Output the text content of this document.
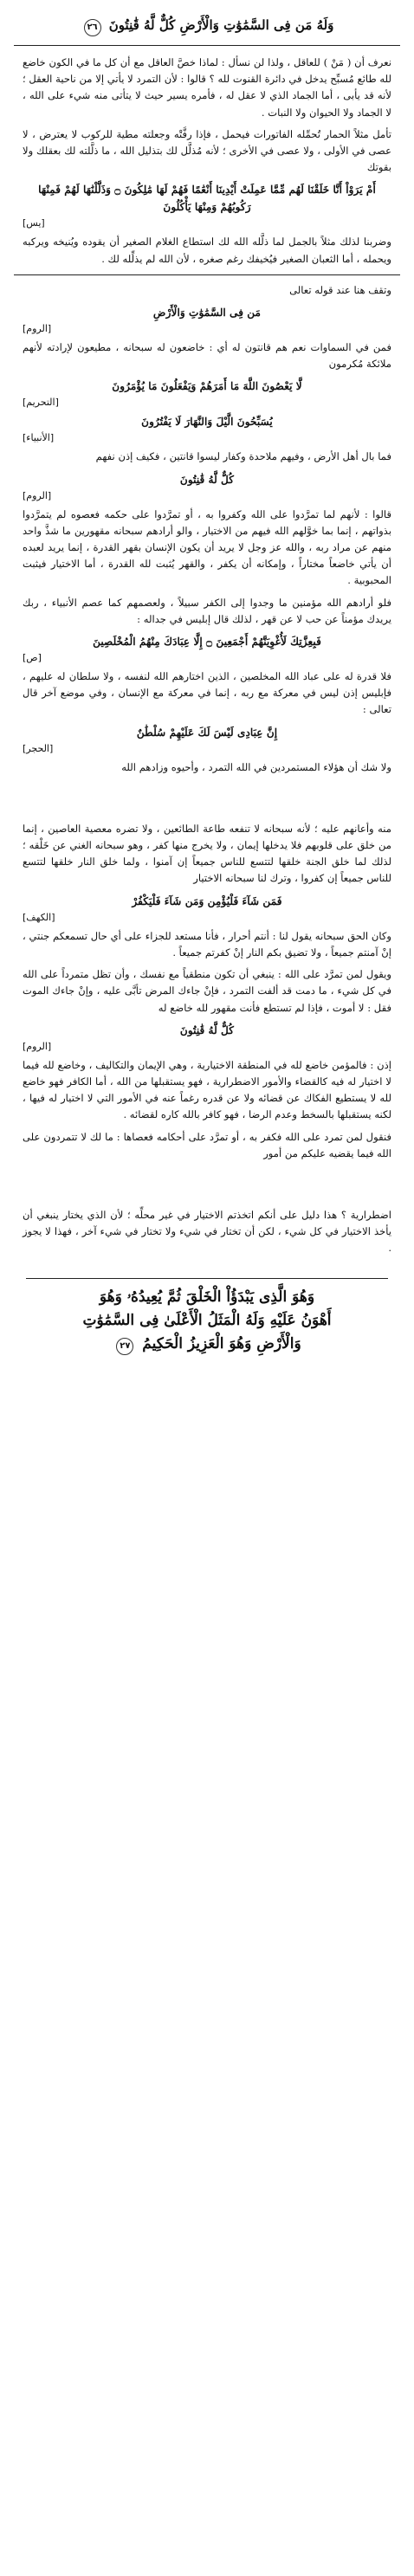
وَلَهُ مَن فِى السَّمَٰوَٰتِ وَالْأَرْضِ كُلٌّ لَّهُ قَٰنِتُونَ ٢٦

نعرف أن ( مَنْ ) للعاقل ، ولذا لن نسأل : لماذا خصَّ العاقل مع أن كل ما في الكون خاضع لله طائع مُسبِّح يدخل في دائرة القنوت لله ؟ قالوا : لأن التمرد لا يأتي إلا من ناحية العقل ؛ لأنه قد يأبى ، أما الجماد الذي لا عقل له ، فأمره يسير حيث لا يتأتى منه شيء على الله ، لا الجماد ولا الحيوان ولا النبات .

تأمل مثلاً الحمار تُحمِّله الفاتورات فيحمل ، فإذا رفَّتْه وجعلته مطية للركوب لا يعترض ، لا عصى في الأولى ، ولا عصى في الأخرى ؛ لأنه مُذلَّل لك بتذليل الله ، ما ذلَّلته لك بعقلك ولا بقوتك

أَمْ يَرَوْاْ أَنَّا خَلَقْنَا لَهُم مِّمَّا عَمِلَتْ أَيْدِينَا أَنْعَٰمًا فَهُمْ لَهَا مَٰلِكُونَ ۝ وَذَلَّلْنَٰهَا لَهُمْ فَمِنْهَا رَكُوبُهُمْ وَمِنْهَا يَأْكُلُونَ
[يس]

وضربنا لذلك مثلاً بالجمل لما ذلَّله الله لك استطاع الغلام الصغير أن يقوده ويُنيخه ويركبه ويحمله ، أما الثعبان الصغير فيُخيفك رغم صغره ، لأن الله لم يذلِّله لك .

وتقف هنا عند قوله تعالى

مَن فِى السَّمَٰوَٰتِ وَالْأَرْضِ
[الروم]

فمن في السماوات نعم هم قانتون له أي : خاضعون له سبحانه ، مطيعون لإرادته لأنهم ملائكة مُكرمون

لَّا يَعْصُونَ اللَّهَ مَا أَمَرَهُمْ وَيَفْعَلُونَ مَا يُؤْمَرُونَ
[التحريم]
يُسَبِّحُونَ الَّيْلَ وَالنَّهَارَ لَا يَفْتُرُونَ
[الأنبياء]

فما بال أهل الأرض ، وفيهم ملاحدة وكفار ليسوا قانتين ، فكيف إذن نفهم

كُلٌّ لَّهُ قَٰنِتُونَ
[الروم]

قالوا : لأنهم لما تمرَّدوا على الله وكفروا به ، أو تمرَّدوا على حكمه فعصوه لم يتمرَّدوا بذواتهم ، إنما بما خوَّلهم الله فيهم من الاختيار ، والو أرادهم سبحانه مقهورين ما شذَّ واحد منهم عن مراد ربه ، والله عز وجل لا يريد أن يكون الإنسان بقهر القدرة ، إنما يريد لعبده أن يأتي خاضعاً مختاراً ، وإمكانه أن يكفر ، والقهر يُثبت لله القدرة ، أما الاختيار فيثبت المحبوبية .

فلو أرادهم الله مؤمنين ما وجدوا إلى الكفر سبيلاً ، ولعصمهم كما عصم الأنبياء ، ربك يريدك مؤمناً عن حب لا عن قهر ، لذلك قال إبليس في جداله :

فَبِعِزَّتِكَ لَأُغْوِيَنَّهُمْ أَجْمَعِينَ ۝ إِلَّا عِبَادَكَ مِنْهُمُ الْمُخْلَصِينَ
[ص]

فلا قدرة له على عباد الله المخلصين ، الذين اختارهم الله لنفسه ، ولا سلطان له عليهم ، فإبليس إذن ليس في معركة مع ربه ، إنما في معركة مع الإنسان ، وفي موضع آخر قال تعالى :

إِنَّ عِبَادِى لَيْسَ لَكَ عَلَيْهِمْ سُلْطَٰنٌ
[الحجر]

ولا شك أن هؤلاء المستمردين في الله التمرد ، وأحيوه وزادهم الله

منه وأعانهم عليه ؛ لأنه سبحانه لا تنفعه طاعة الطائعين ، ولا تضره معصية العاصين ، إنما من خلق على قلوبهم فلا يدخلها إيمان ، ولا يخرج منها كفر ، وهو سبحانه الغني عن خَلْقه ؛ لذلك لما خلق الجنة خلقها لتتسع للناس جميعاً إن آمنوا ، ولما خلق النار خلقها لتتسع للناس جميعاً إن كفروا ، وترك لنا سبحانه الاختيار

فَمَن شَآءَ فَلْيُؤْمِن وَمَن شَآءَ فَلْيَكْفُرْ
[الكهف]

وكان الحق سبحانه يقول لنا : أنتم أحرار ، فأنا مستعد للجزاء على أي حال تسمعكم جنتي ، إنْ آمنتم جميعاً ، ولا تضيق بكم النار إنْ كفرتم جميعاً .

ويقول لمن تمرَّد على الله : ينبغي أن تكون منطقياً مع نفسك ، وأن تظل متمرداً على الله في كل شيء ، ما دمت قد ألفت التمرد ، فإنْ جاءك المرض تأبَّى عليه ، وإنْ جاءك الموت فقل : لا أموت ، فإذا لم تستطع فأنت مقهور لله خاضع له

كُلٌّ لَّهُ قَٰنِتُونَ
[الروم]

إذن : فالمؤمن خاضع لله في المنطقة الاختيارية ، وهي الإيمان والتكاليف ، وخاضع لله فيما لا اختيار له فيه كالقضاء والأمور الاضطرارية ، فهو يستقبلها من الله ، أما الكافر فهو خاضع لله لا يستطيع الفكاك عن قضائه ولا عن قدره رغماً عنه في الأمور التي لا اختيار له فيها ، لكنه يستقبلها بالسخط وعدم الرضا ، فهو كافر بالله كاره لقضائه .

فنقول لمن تمرد على الله فكفر به ، أو تمرَّد على أحكامه فعصاها : ما لك لا تتمردون على الله فيما يقضيه عليكم من أمور

اضطرارية ؟ هذا دليل على أنكم اتخذتم الاختيار في غير محلِّه ؛ لأن الذي يختار ينبغي أن يأخذ الاختيار في كل شيء ، لكن أن تختار في شيء ولا تختار في شيء آخر ، فهذا لا يجوز .

وَهُوَ الَّذِى يَبْدَؤُاْ الْخَلْقَ ثُمَّ يُعِيدُهُۥ وَهُوَ
أَهْوَنُ عَلَيْهِ وَلَهُ الْمَثَلُ الْأَعْلَىٰ فِى السَّمَٰوَٰتِ
وَالْأَرْضِ وَهُوَ الْعَزِيزُ الْحَكِيمُ ٢٧
